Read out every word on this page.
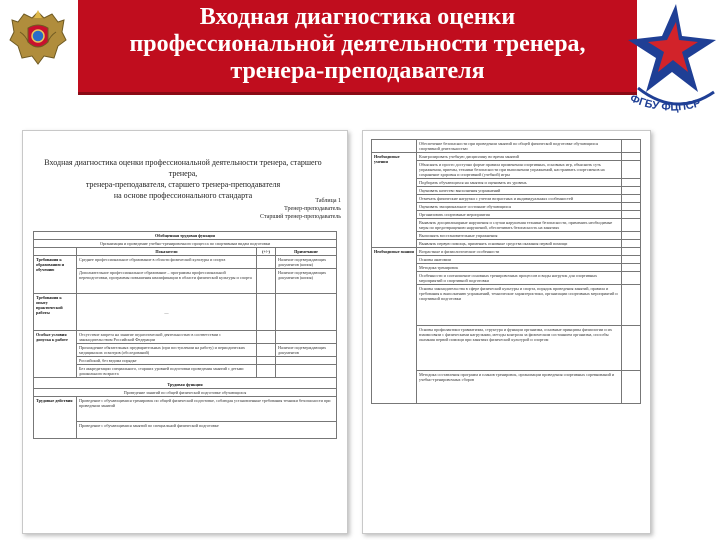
Входная диагностика оценки
профессиональной деятельности тренера,
тренера-преподавателя
ФГБУ ФЦПСР
Входная диагностика оценки профессиональной деятельности тренера, старшего тренера,
тренера-преподавателя, старшего тренера-преподавателя
на основе профессионального стандарта
Таблица 1
Тренер-преподаватель
Старший тренер-преподаватель
Обобщенная трудовая функция			
Организация и проведение учебно-тренировочного процесса по спортивным видам подготовки			
	Показатели	(+/-)	Примечание
Требования к образованию и обучению	Среднее профессиональное образование в области физической культуры и спорта		Наличие подтверждающих документов (копия)
	Дополнительное профессиональное образование – программы профессиональной переподготовки, программы повышения квалификации в области физической культуры и спорта		Наличие подтверждающих документов (копия)
Требования к опыту практической работы	—		
Особые условия допуска к работе	Отсутствие запрета на занятие педагогической деятельностью в соответствии с законодательством Российской Федерации		
	Прохождение обязательных предварительных (при поступлении на работу) и периодических медицинских осмотров (обследований)		Наличие подтверждающих документов
	Российский, без ведома порядке		
	Без аккредитации специального, старших уровней подготовки проведения занятий с детьми дошкольного возраста		
Трудовая функция			
Проведение занятий по общей физической подготовке обучающихся			
Трудовые действия	Проведение с обучающимися тренировок по общей физической подготовке, соблюдая установленные требования техники безопасности при проведении занятий		
	Проведение с обучающимися занятий по специальной физической подготовке		
	Обеспечение безопасности при проведении занятий по общей физической подготовке обучающихся спортивной деятельностью	
Необходимые умения	Контролировать учебную дисциплину во время занятий	
	Объяснять и просто доступно форме правила применения спортивных, основных игр, объяснить суть упражнения, приемы, техники безопасности при выполнении упражнений, настраивать спортсменов на сохранение здоровья и спортивной (учебной) игры	
	Подбирать обучающихся на занятия и оценивать их уровень	
	Оценивать качество выполнения упражнений	
	Отмечать физические нагрузки с учетом возрастных и индивидуальных особенностей	
	Оценивать эмоциональное состояние обучающихся	
	Организовать спортивные мероприятия	
	Выявлять дисциплинарные нарушения и случаи нарушения техники безопасности, применять необходимые меры по предотвращению нарушений, обеспечивать безопасность на занятиях	
	Выполнять восстановительные упражнения	
	Выявлять первую помощь, применять основные средства оказания первой помощи	
Необходимые знания	Возрастные и физиологические особенности	
	Основы анатомии	
	Методика тренировок	
	Особенности и соотношение основных тренировочных процессов и виды нагрузок для спортивных мероприятий и спортивной подготовки	
	Основы законодательства в сфере физической культуры и спорта, порядок проведения занятий, правила и требования к выполнению упражнений, технические характеристики, организации спортивных мероприятий и спортивной подготовки	
	Основы профилактики травматизма, структура и функции организма, основные принципы физиологии и их взаимосвязи с физическими нагрузками, методы контроля за физическим состоянием организма, способы оказания первой помощи при занятиях физической культурой и спортом	
	Методика составления программ и планов тренировок, организации проведения спортивных соревнований и учебно-тренировочных сборов	
